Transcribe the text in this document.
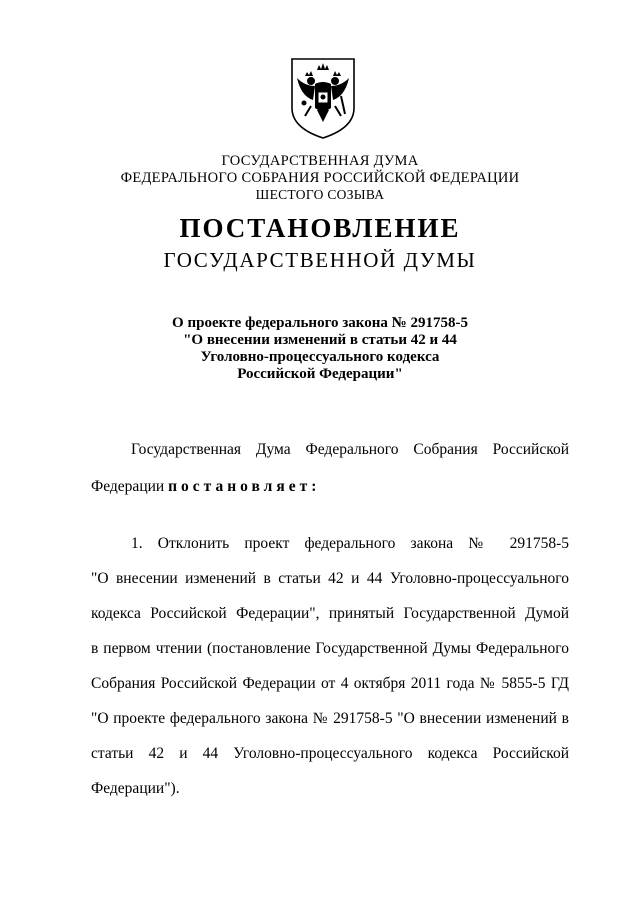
ГОСУДАРСТВЕННАЯ ДУМА
ФЕДЕРАЛЬНОГО СОБРАНИЯ РОССИЙСКОЙ ФЕДЕРАЦИИ
ШЕСТОГО СОЗЫВА
ПОСТАНОВЛЕНИЕ
ГОСУДАРСТВЕННОЙ ДУМЫ
О проекте федерального закона № 291758-5
"О внесении изменений в статьи 42 и 44
Уголовно-процессуального кодекса
Российской Федерации"
Государственная Дума Федерального Собрания Российской
Федерации постановляет:
1. Отклонить проект федерального закона № 291758-5
"О внесении изменений в статьи 42 и 44 Уголовно-процессуального
кодекса Российской Федерации", принятый Государственной Думой
в первом чтении (постановление Государственной Думы Федерального
Собрания Российской Федерации от 4 октября 2011 года № 5855-5 ГД
"О проекте федерального закона № 291758-5 "О внесении изменений в
статьи 42 и 44 Уголовно-процессуального кодекса Российской
Федерации").
